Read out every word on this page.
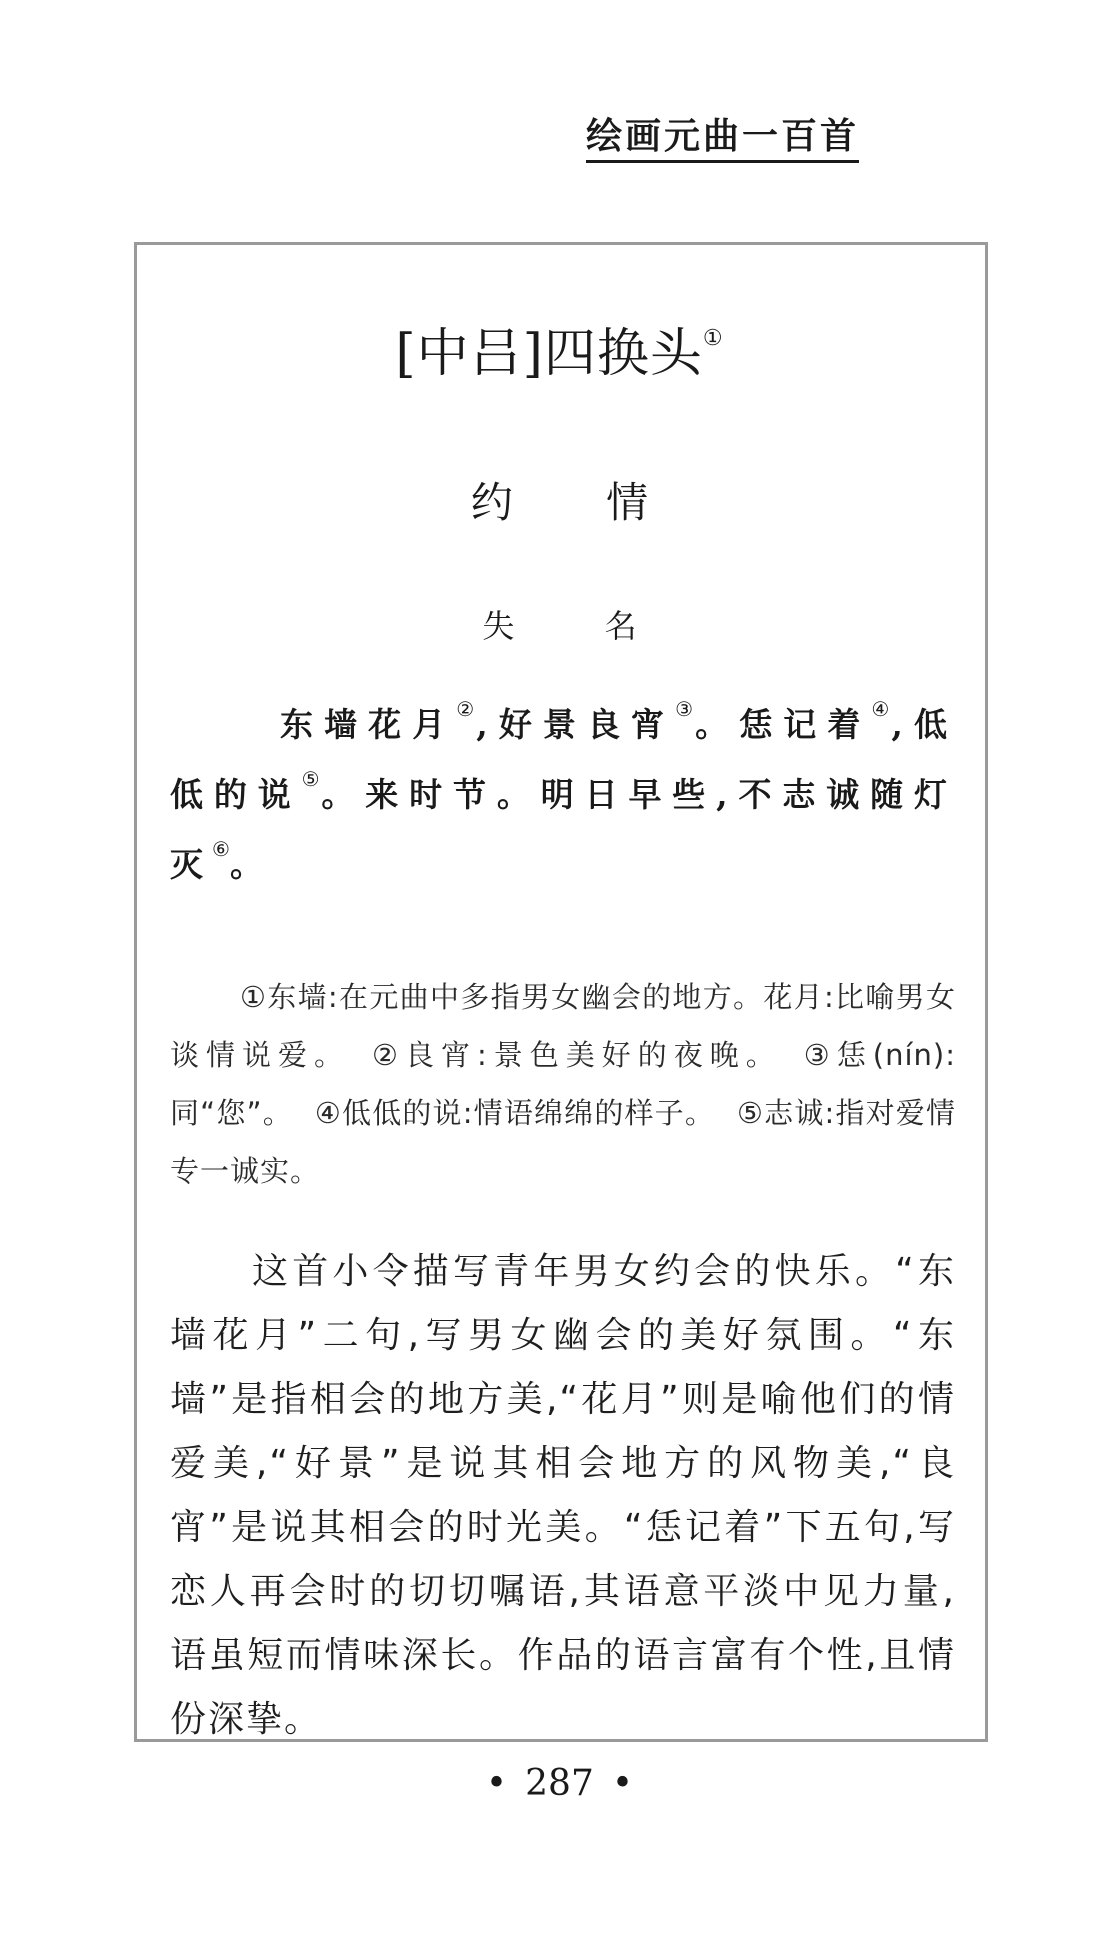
绘画元曲一百首
[中吕]四换头①
约 情
失 名
东墙花月②,好景良宵③。恁记着④,低低的说⑤。来时节。明日早些,不志诚随灯灭⑥。
①东墙:在元曲中多指男女幽会的地方。花月:比喻男女谈情说爱。 ②良宵:景色美好的夜晚。 ③恁(nín):同“您”。 ④低低的说:情语绵绵的样子。 ⑤志诚:指对爱情专一诚实。
这首小令描写青年男女约会的快乐。“东墙花月”二句,写男女幽会的美好氛围。“东墙”是指相会的地方美,“花月”则是喻他们的情爱美,“好景”是说其相会地方的风物美,“良宵”是说其相会的时光美。“恁记着”下五句,写恋人再会时的切切嘱语,其语意平淡中见力量,语虽短而情味深长。作品的语言富有个性,且情份深挚。
• 287 •
